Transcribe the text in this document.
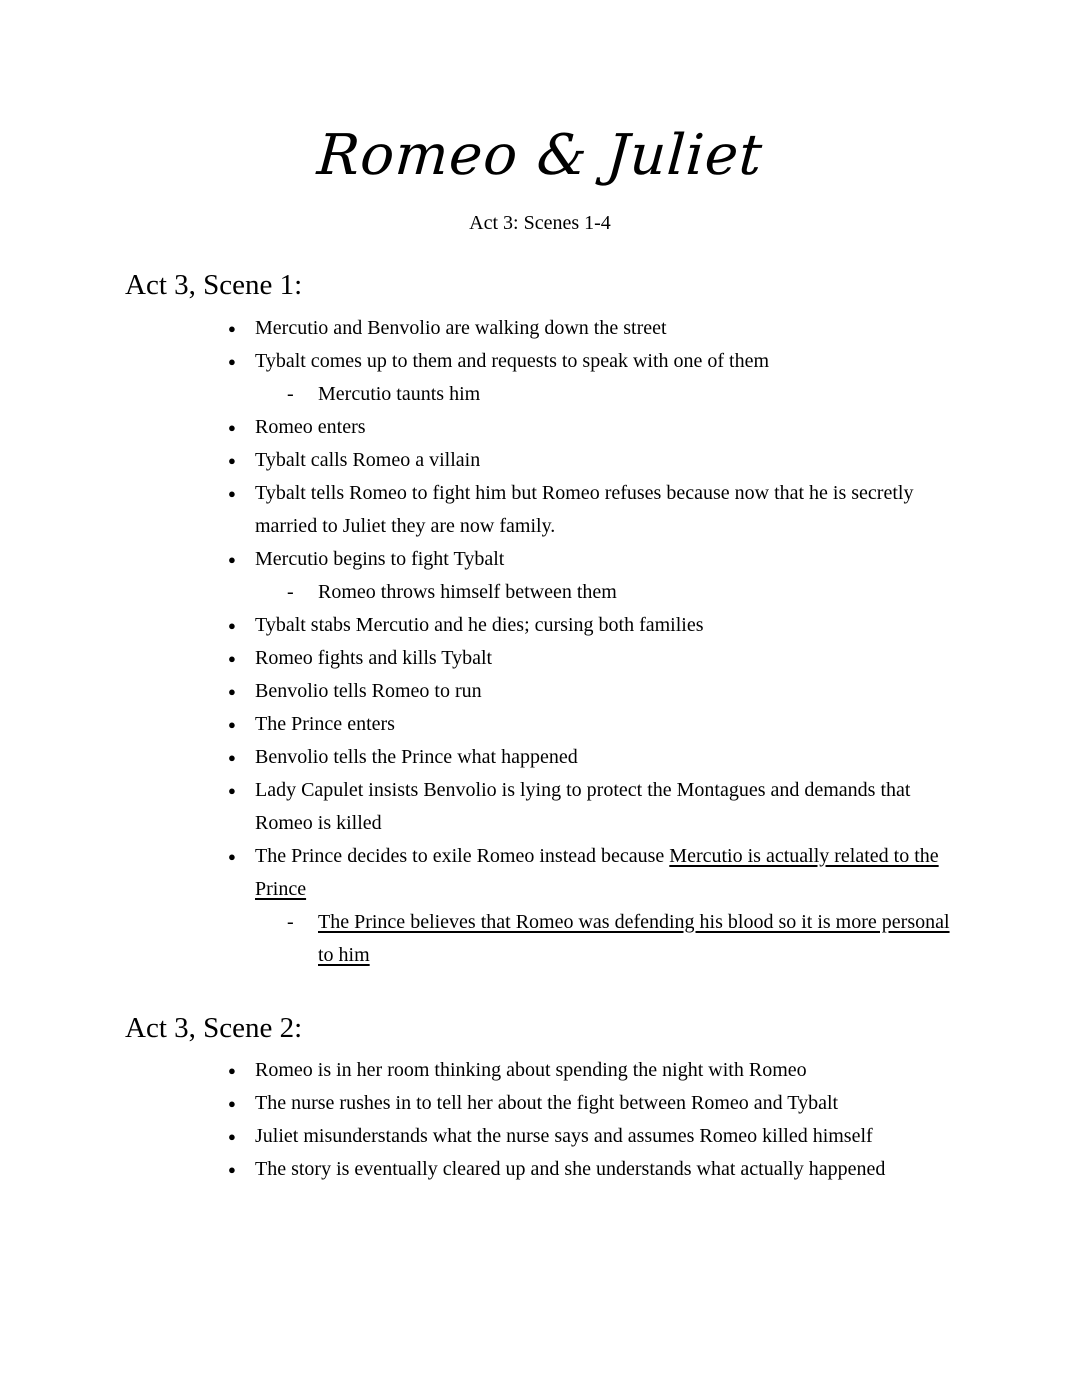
Romeo & Juliet
Act 3: Scenes 1-4
Act 3, Scene 1:
● Mercutio and Benvolio are walking down the street
● Tybalt comes up to them and requests to speak with one of them
- Mercutio taunts him
● Romeo enters
● Tybalt calls Romeo a villain
● Tybalt tells Romeo to fight him but Romeo refuses because now that he is secretly married to Juliet they are now family.
● Mercutio begins to fight Tybalt
- Romeo throws himself between them
● Tybalt stabs Mercutio and he dies; cursing both families
● Romeo fights and kills Tybalt
● Benvolio tells Romeo to run
● The Prince enters
● Benvolio tells the Prince what happened
● Lady Capulet insists Benvolio is lying to protect the Montagues and demands that Romeo is killed
● The Prince decides to exile Romeo instead because Mercutio is actually related to the Prince
- The Prince believes that Romeo was defending his blood so it is more personal to him
Act 3, Scene 2:
● Romeo is in her room thinking about spending the night with Romeo
● The nurse rushes in to tell her about the fight between Romeo and Tybalt
● Juliet misunderstands what the nurse says and assumes Romeo killed himself
● The story is eventually cleared up and she understands what actually happened
